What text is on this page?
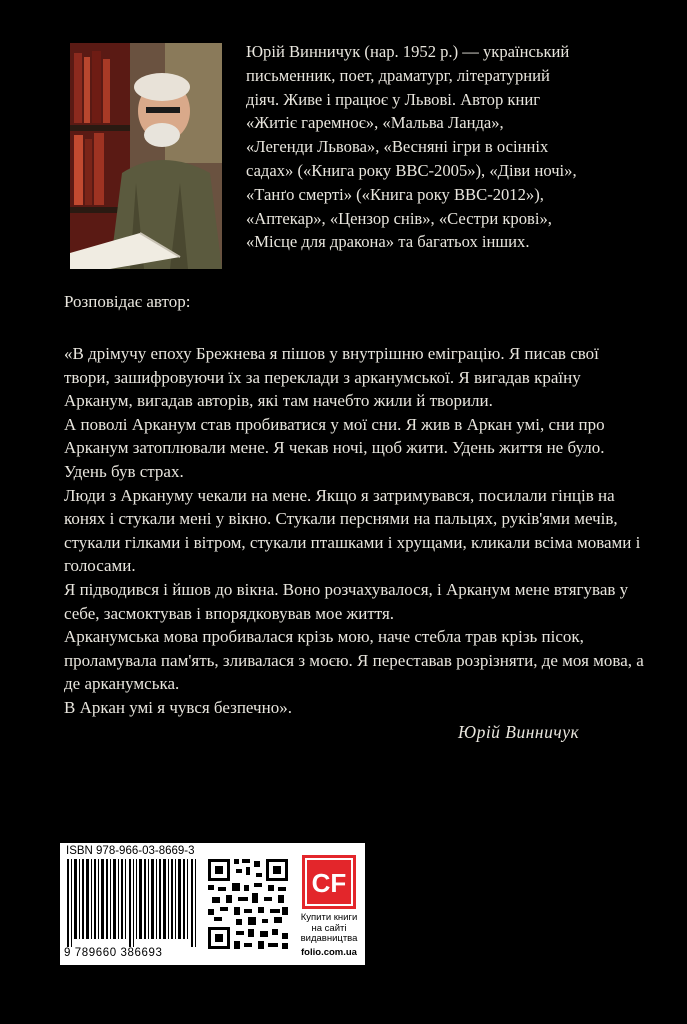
Юрій Винничук (нар. 1952 р.) — український
письменник, поет, драматург, літературний
діяч. Живе і працює у Львові. Автор книг
«Житіє гаремноє», «Мальва Ланда»,
«Легенди Львова», «Весняні ігри в осінніх
садах» («Книга року ВВС-2005»), «Діви ночі»,
«Танґо смерті» («Книга року ВВС-2012»),
«Аптекар», «Цензор снів», «Сестри крові»,
«Місце для дракона» та багатьох інших.
Розповідає автор:

«В дрімучу епоху Брежнева я пішов у внутрішню еміграцію. Я писав свої твори, зашифровуючи їх за переклади з арканумської. Я вигадав країну Арканум, вигадав авторів, які там начебто жили й творили.

А поволі Арканум став пробиватися у мої сни. Я жив в Аркан умі, сни про Арканум затоплювали мене. Я чекав ночі, щоб жити. Удень життя не було. Удень був страх.

Люди з Аркануму чекали на мене. Якщо я затримувався, посилали гінців на конях і стукали мені у вікно. Стукали перснями на пальцях, руків'ями мечів, стукали гілками і вітром, стукали пташками і хрущами, кликали всіма мовами і голосами.

Я підводився і йшов до вікна. Воно розчахувалося, і Арканум мене втягував у себе, засмоктував і впорядковував мое життя.

Арканумська мова пробивалася крізь мою, наче стебла трав крізь пісок, проламувала пам'ять, зливалася з моєю. Я переставав розрізняти, де моя мова, а де арканумська.

В Аркан умі я чувся безпечно».

Юрій Винничук
ISBN 978-966-03-8669-3
9 789660 386693
CF
Купити книги на сайті видавництва
folio.com.ua
